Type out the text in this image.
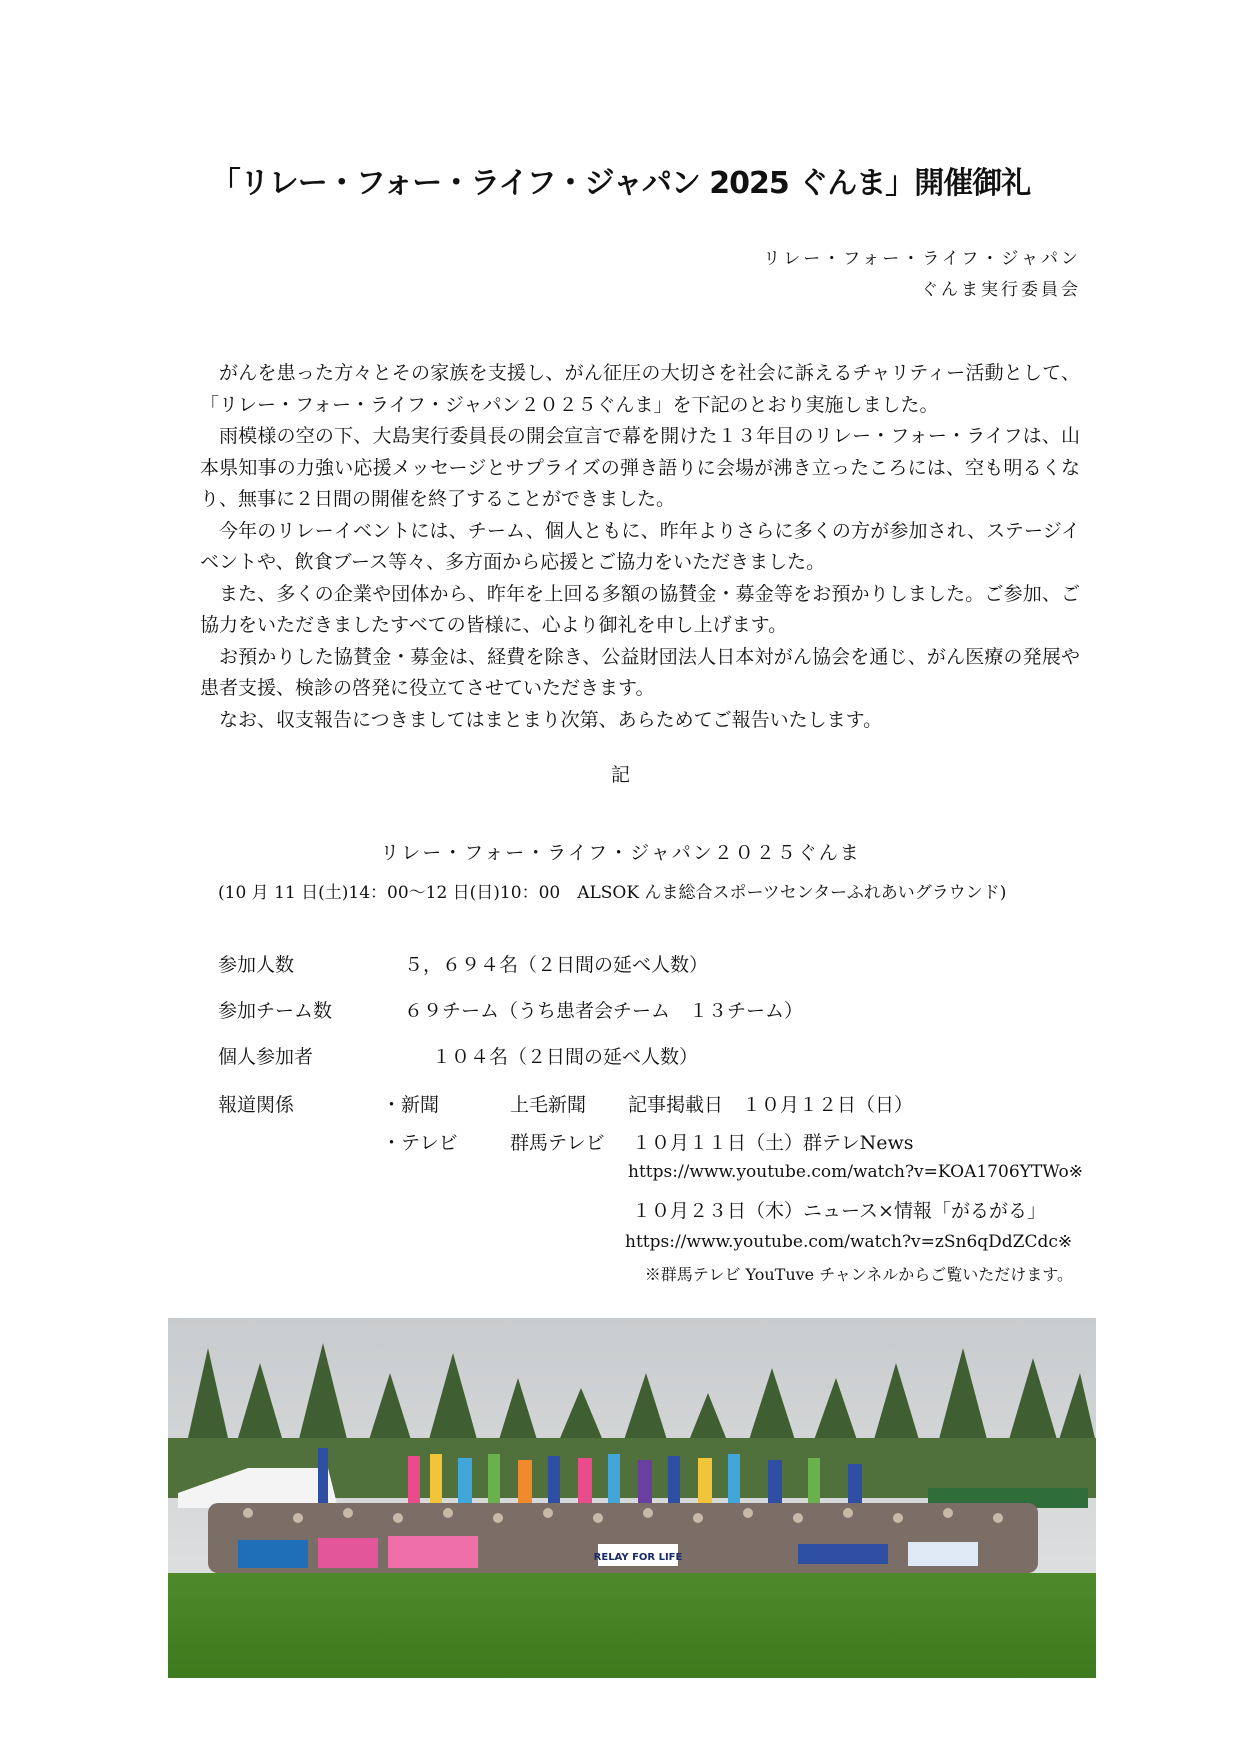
「リレー・フォー・ライフ・ジャパン 2025 ぐんま」開催御礼
リレー・フォー・ライフ・ジャパン
ぐんま実行委員会

がんを患った方々とその家族を支援し、がん征圧の大切さを社会に訴えるチャリティー活動として、「リレー・フォー・ライフ・ジャパン２０２５ぐんま」を下記のとおり実施しました。

雨模様の空の下、大島実行委員長の開会宣言で幕を開けた１３年目のリレー・フォー・ライフは、山本県知事の力強い応援メッセージとサプライズの弾き語りに会場が沸き立ったころには、空も明るくなり、無事に２日間の開催を終了することができました。

今年のリレーイベントには、チーム、個人ともに、昨年よりさらに多くの方が参加され、ステージイベントや、飲食ブース等々、多方面から応援とご協力をいただきました。

また、多くの企業や団体から、昨年を上回る多額の協賛金・募金等をお預かりしました。ご参加、ご協力をいただきましたすべての皆様に、心より御礼を申し上げます。

お預かりした協賛金・募金は、経費を除き、公益財団法人日本対がん協会を通じ、がん医療の発展や患者支援、検診の啓発に役立てさせていただきます。

なお、収支報告につきましてはまとまり次第、あらためてご報告いたします。

記
リレー・フォー・ライフ・ジャパン２０２５ぐんま
(10 月 11 日(土)14：00～12 日(日)10：00　ALSOK んま総合スポーツセンターふれあいグラウンド)
参加人数	５，６９４名（２日間の延べ人数）
参加チーム数	６９チーム（うち患者会チーム　１３チーム）
個人参加者	１０４名（２日間の延べ人数）
報道関係	・新聞	上毛新聞 記事掲載日　１０月１２日（日）
・テレビ	群馬テレビ １０月１１日（土）群テレNews
https://www.youtube.com/watch?v=KOA1706YTWo※
１０月２３日（木）ニュース×情報「がるがる」
https://www.youtube.com/watch?v=zSn6qDdZCdc※
※群馬テレビ YouTuve チャンネルからご覧いただけます。
RELAY FOR LIFE
